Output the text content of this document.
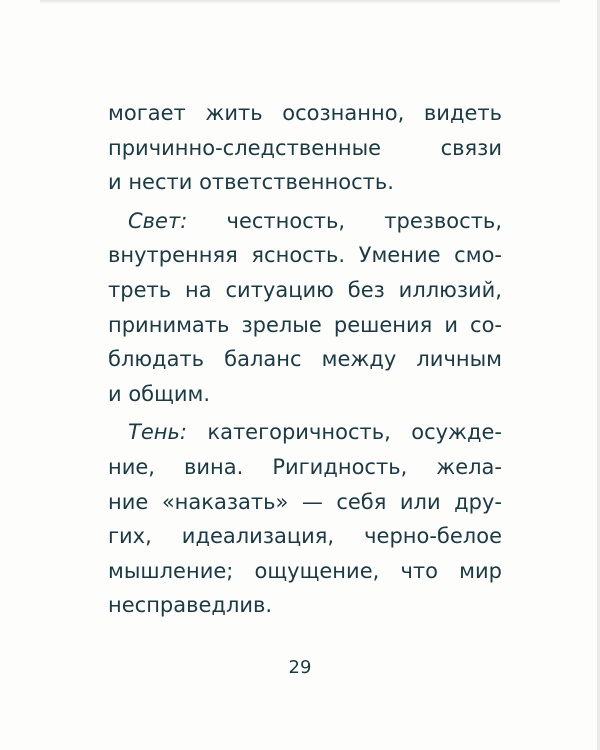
могает жить осознанно, видеть
причинно-следственные связи
и нести ответственность.
Свет: честность, трезвость,
внутренняя ясность. Умение смо-
треть на ситуацию без иллюзий,
принимать зрелые решения и со-
блюдать баланс между личным
и общим.
Тень: категоричность, осужде-
ние, вина. Ригидность, жела-
ние «наказать» — себя или дру-
гих, идеализация, черно-белое
мышление; ощущение, что мир
несправедлив.
29
